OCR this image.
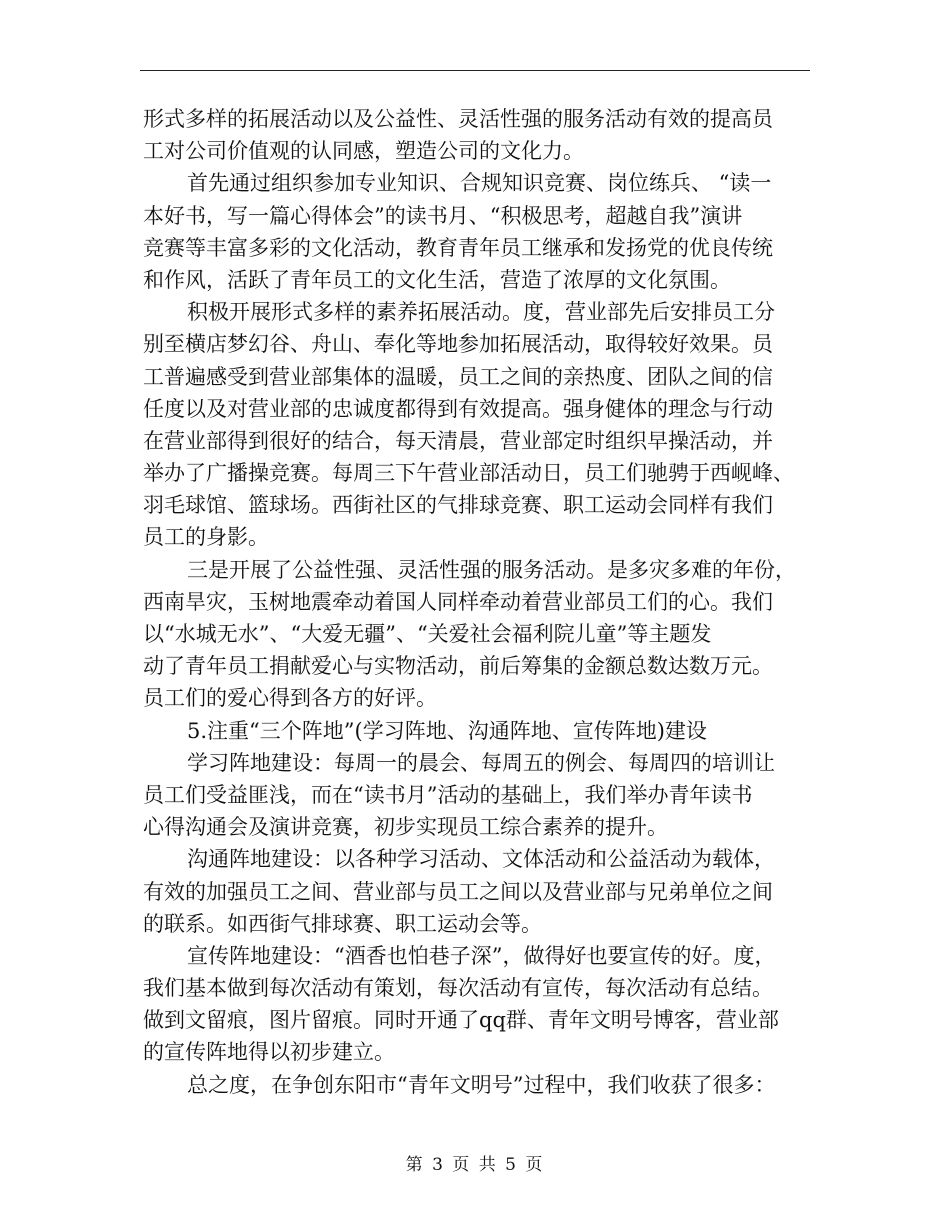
形式多样的拓展活动以及公益性、灵活性强的服务活动有效的提高员
工对公司价值观的认同感，塑造公司的文化力。
首先通过组织参加专业知识、合规知识竞赛、岗位练兵、 “读一
本好书，写一篇心得体会”的读书月、“积极思考，超越自我”演讲
竞赛等丰富多彩的文化活动，教育青年员工继承和发扬党的优良传统
和作风，活跃了青年员工的文化生活，营造了浓厚的文化氛围。
积极开展形式多样的素养拓展活动。度，营业部先后安排员工分
别至横店梦幻谷、舟山、奉化等地参加拓展活动，取得较好效果。员
工普遍感受到营业部集体的温暖，员工之间的亲热度、团队之间的信
任度以及对营业部的忠诚度都得到有效提高。强身健体的理念与行动
在营业部得到很好的结合，每天清晨，营业部定时组织早操活动，并
举办了广播操竞赛。每周三下午营业部活动日，员工们驰骋于西岘峰、
羽毛球馆、篮球场。西街社区的气排球竞赛、职工运动会同样有我们
员工的身影。
三是开展了公益性强、灵活性强的服务活动。是多灾多难的年份，
西南旱灾，玉树地震牵动着国人同样牵动着营业部员工们的心。我们
以“水城无水”、“大爱无疆”、“关爱社会福利院儿童”等主题发
动了青年员工捐献爱心与实物活动，前后筹集的金额总数达数万元。
员工们的爱心得到各方的好评。
5.注重“三个阵地”(学习阵地、沟通阵地、宣传阵地)建设
学习阵地建设：每周一的晨会、每周五的例会、每周四的培训让
员工们受益匪浅，而在“读书月”活动的基础上，我们举办青年读书
心得沟通会及演讲竞赛，初步实现员工综合素养的提升。
沟通阵地建设：以各种学习活动、文体活动和公益活动为载体，
有效的加强员工之间、营业部与员工之间以及营业部与兄弟单位之间
的联系。如西街气排球赛、职工运动会等。
宣传阵地建设：“酒香也怕巷子深”，做得好也要宣传的好。度，
我们基本做到每次活动有策划，每次活动有宣传，每次活动有总结。
做到文留痕，图片留痕。同时开通了qq群、青年文明号博客，营业部
的宣传阵地得以初步建立。
总之度，在争创东阳市“青年文明号”过程中，我们收获了很多：
第 3 页 共 5 页
